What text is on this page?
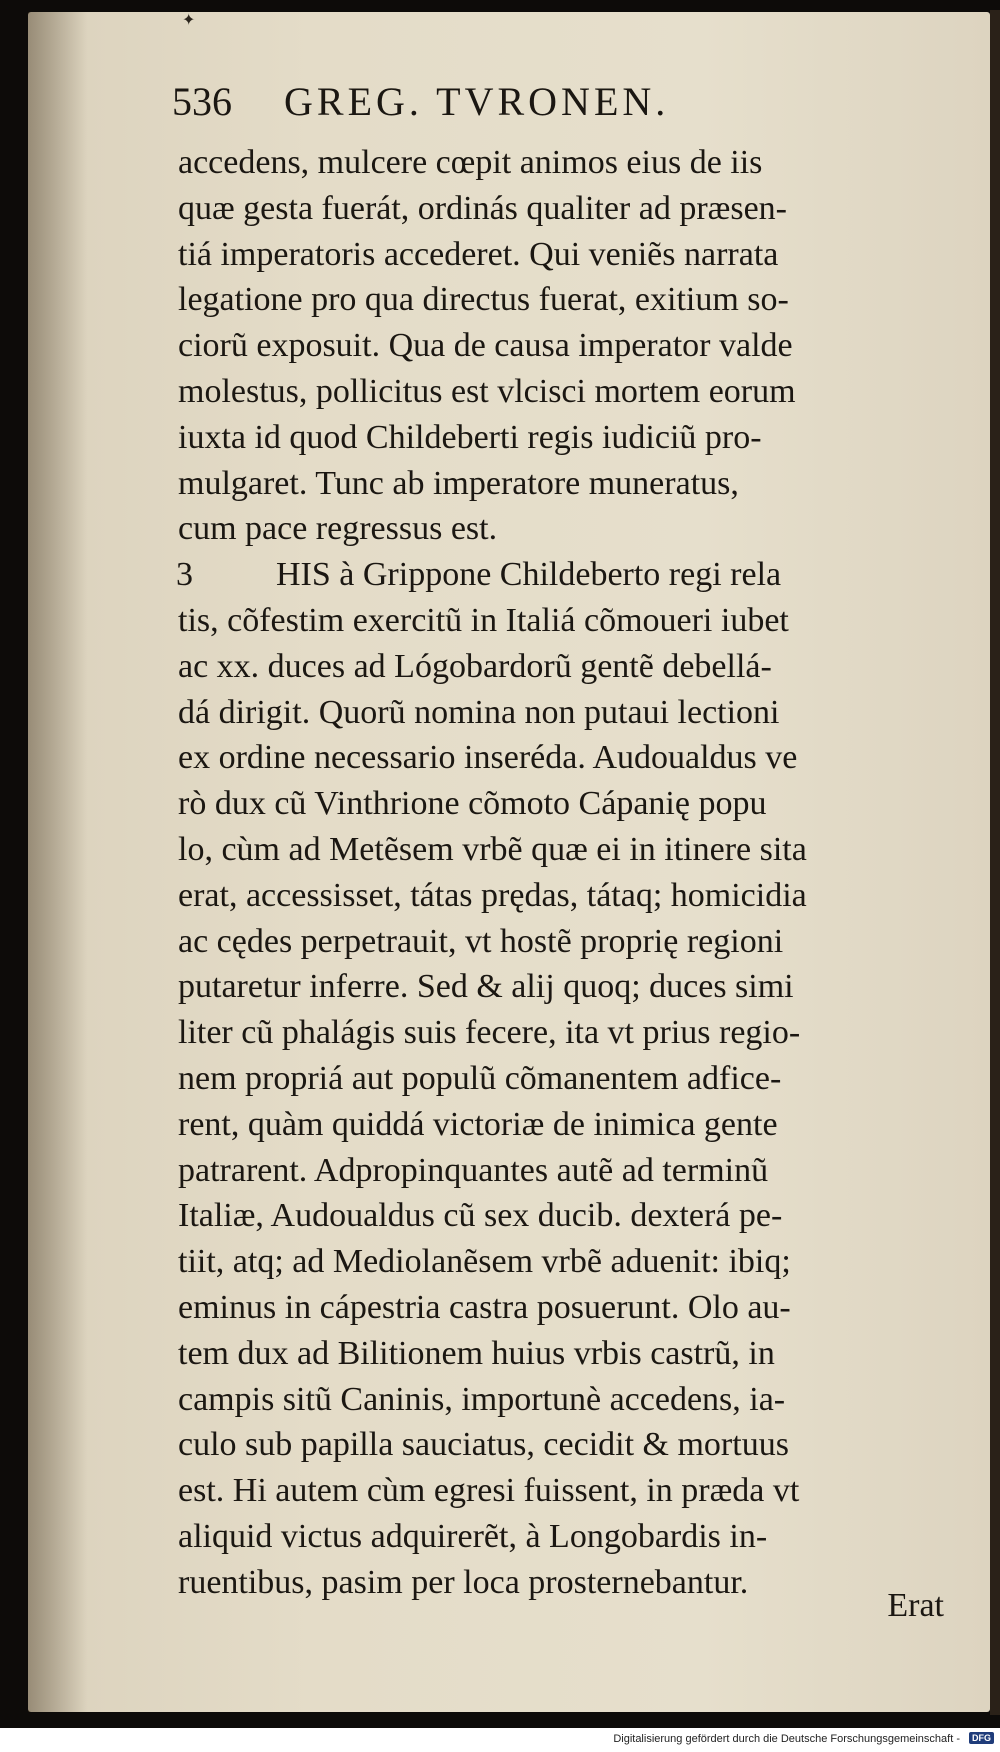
✦
536 GREG. TVRONEN.
accedens, mulcere cœpit animos eius de iis
quæ gesta fuerát, ordinás qualiter ad præsen-
tiá imperatoris accederet. Qui veniẽs narrata
legatione pro qua directus fuerat, exitium so-
ciorũ exposuit. Qua de causa imperator valde
molestus, pollicitus est vlcisci mortem eorum
iuxta id quod Childeberti regis iudiciũ pro-
mulgaret. Tunc ab imperatore muneratus,
cum pace regressus est.
3 HIS à Grippone Childeberto regi rela
tis, cõfestim exercitũ in Italiá cõmoueri iubet
ac xx. duces ad Lógobardorũ gentẽ debellá-
dá dirigit. Quorũ nomina non putaui lectioni
ex ordine necessario inseréda. Audoualdus ve
rò dux cũ Vinthrione cõmoto Cápanię popu
lo, cùm ad Metẽsem vrbẽ quæ ei in itinere sita
erat, accessisset, tátas prędas, tátaq; homicidia
ac cędes perpetrauit, vt hostẽ proprię regioni
putaretur inferre. Sed & alij quoq; duces simi
liter cũ phalágis suis fecere, ita vt prius regio-
nem propriá aut populũ cõmanentem adfice-
rent, quàm quiddá victoriæ de inimica gente
patrarent. Adpropinquantes autẽ ad terminũ
Italiæ, Audoualdus cũ sex ducib. dexterá pe-
tiit, atq; ad Mediolanẽsem vrbẽ aduenit: ibiq;
eminus in cápestria castra posuerunt. Olo au-
tem dux ad Bilitionem huius vrbis castrũ, in
campis sitũ Caninis, importunè accedens, ia-
culo sub papilla sauciatus, cecidit & mortuus
est. Hi autem cùm egresi fuissent, in præda vt
aliquid victus adquirerẽt, à Longobardis in-
ruentibus, pasim per loca prosternebantur.
Erat
Digitalisierung gefördert durch die Deutsche Forschungsgemeinschaft -	DFG
